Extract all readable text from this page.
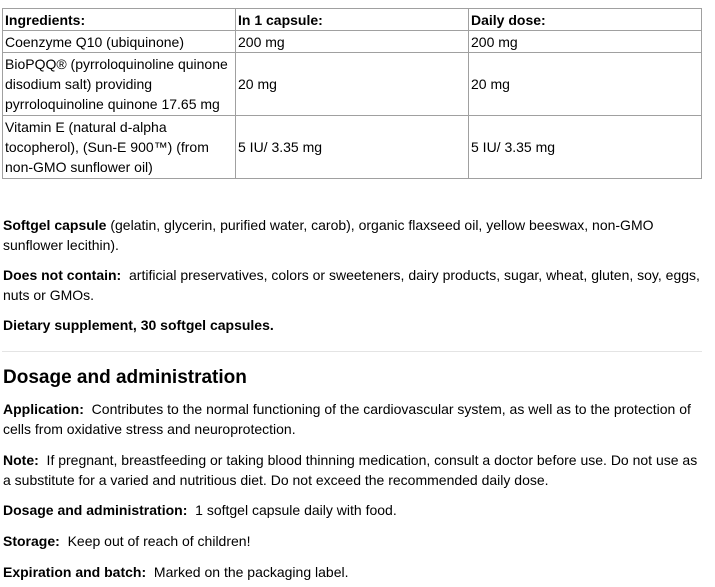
Ingredients:	In 1 capsule:	Daily dose:
Coenzyme Q10 (ubiquinone)	200 mg	200 mg
BioPQQ® (pyrroloquinoline quinone disodium salt) providing pyrroloquinoline quinone 17.65 mg	20 mg	20 mg
Vitamin E (natural d-alpha tocopherol), (Sun-E 900™) (from non-GMO sunflower oil)	5 IU/ 3.35 mg	5 IU/ 3.35 mg

Softgel capsule (gelatin, glycerin, purified water, carob), organic flaxseed oil, yellow beeswax, non-GMO sunflower lecithin).

Does not contain:  artificial preservatives, colors or sweeteners, dairy products, sugar, wheat, gluten, soy, eggs, nuts or GMOs.

Dietary supplement, 30 softgel capsules.

Dosage and administration

Application:  Contributes to the normal functioning of the cardiovascular system, as well as to the protection of cells from oxidative stress and neuroprotection.

Note:  If pregnant, breastfeeding or taking blood thinning medication, consult a doctor before use. Do not use as a substitute for a varied and nutritious diet. Do not exceed the recommended daily dose.

Dosage and administration:  1 softgel capsule daily with food.

Storage:  Keep out of reach of children!

Expiration and batch:  Marked on the packaging label.
